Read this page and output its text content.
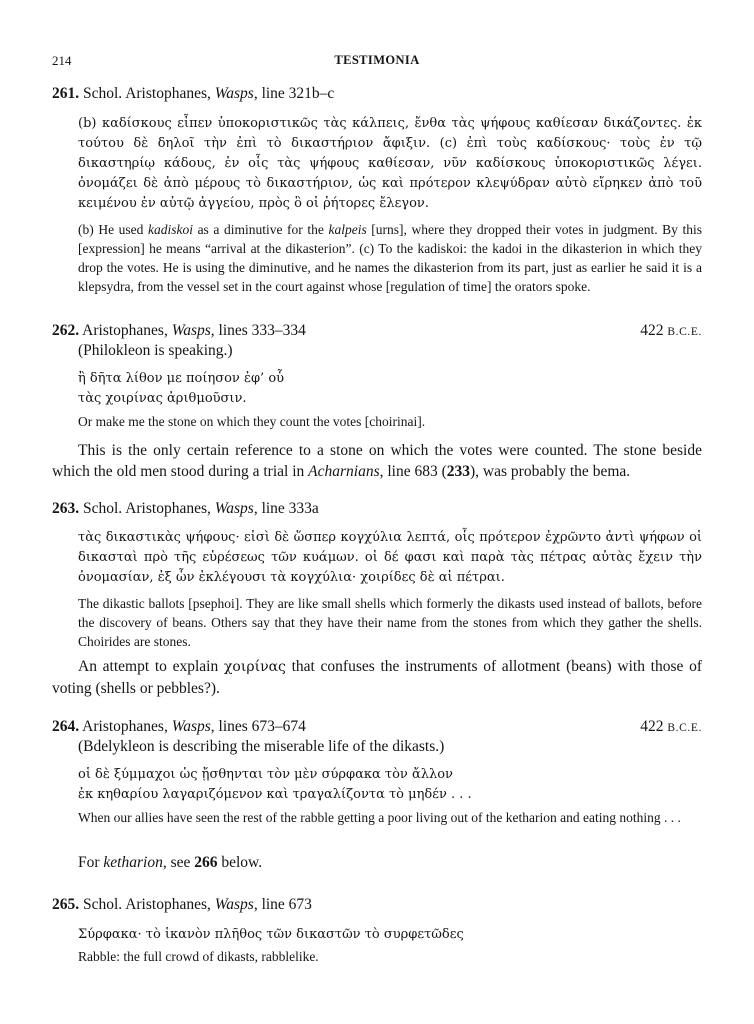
214	TESTIMONIA
261. Schol. Aristophanes, Wasps, line 321b–c
(b) καδίσκους εἶπεν ὑποκοριστικῶς τὰς κάλπεις, ἔνθα τὰς ψήφους καθίεσαν δικάζοντες. ἐκ τούτου δὲ δηλοῖ τὴν ἐπὶ τὸ δικαστήριον ἄφιξιν. (c) ἐπὶ τοὺς καδίσκους· τοὺς ἐν τῷ δικαστηρίῳ κάδους, ἐν οἷς τὰς ψήφους καθίεσαν, νῦν καδίσκους ὑποκοριστικῶς λέγει. ὀνομάζει δὲ ἀπὸ μέρους τὸ δικαστήριον, ὡς καὶ πρότερον κλεψύδραν αὐτὸ εἴρηκεν ἀπὸ τοῦ κειμένου ἐν αὐτῷ ἀγγείου, πρὸς ὃ οἱ ῥήτορες ἔλεγον.
(b) He used kadiskoi as a diminutive for the kalpeis [urns], where they dropped their votes in judgment. By this [expression] he means “arrival at the dikasterion”. (c) To the kadiskoi: the kadoi in the dikasterion in which they drop the votes. He is using the diminutive, and he names the dikasterion from its part, just as earlier he said it is a klepsydra, from the vessel set in the court against whose [regulation of time] the orators spoke.
262. Aristophanes, Wasps, lines 333–334	422 B.C.E.
(Philokleon is speaking.)
ἢ δῆτα λίθον με ποίησον ἐφ’ οὗ
τὰς χοιρίνας ἀριθμοῦσιν.
Or make me the stone on which they count the votes [choirinai].
This is the only certain reference to a stone on which the votes were counted. The stone beside which the old men stood during a trial in Acharnians, line 683 (233), was probably the bema.
263. Schol. Aristophanes, Wasps, line 333a
τὰς δικαστικὰς ψήφους· εἰσὶ δὲ ὥσπερ κογχύλια λεπτά, οἷς πρότερον ἐχρῶντο ἀντὶ ψήφων οἱ δικασταὶ πρὸ τῆς εὑρέσεως τῶν κυάμων. οἱ δέ φασι καὶ παρὰ τὰς πέτρας αὐτὰς ἔχειν τὴν ὀνομασίαν, ἐξ ὧν ἐκλέγουσι τὰ κογχύλια· χοιρίδες δὲ αἱ πέτραι.
The dikastic ballots [psephoi]. They are like small shells which formerly the dikasts used instead of ballots, before the discovery of beans. Others say that they have their name from the stones from which they gather the shells. Choirides are stones.
An attempt to explain χοιρίνας that confuses the instruments of allotment (beans) with those of voting (shells or pebbles?).
264. Aristophanes, Wasps, lines 673–674	422 B.C.E.
(Bdelykleon is describing the miserable life of the dikasts.)
οἱ δὲ ξύμμαχοι ὡς ᾔσθηνται τὸν μὲν σύρφακα τὸν ἄλλον
ἐκ κηθαρίου λαγαριζόμενον καὶ τραγαλίζοντα τὸ μηδέν . . .
When our allies have seen the rest of the rabble getting a poor living out of the ketharion and eating nothing . . .
For ketharion, see 266 below.
265. Schol. Aristophanes, Wasps, line 673
Σύρφακα· τὸ ἱκανὸν πλῆθος τῶν δικαστῶν τὸ συρφετῶδες
Rabble: the full crowd of dikasts, rabblelike.
